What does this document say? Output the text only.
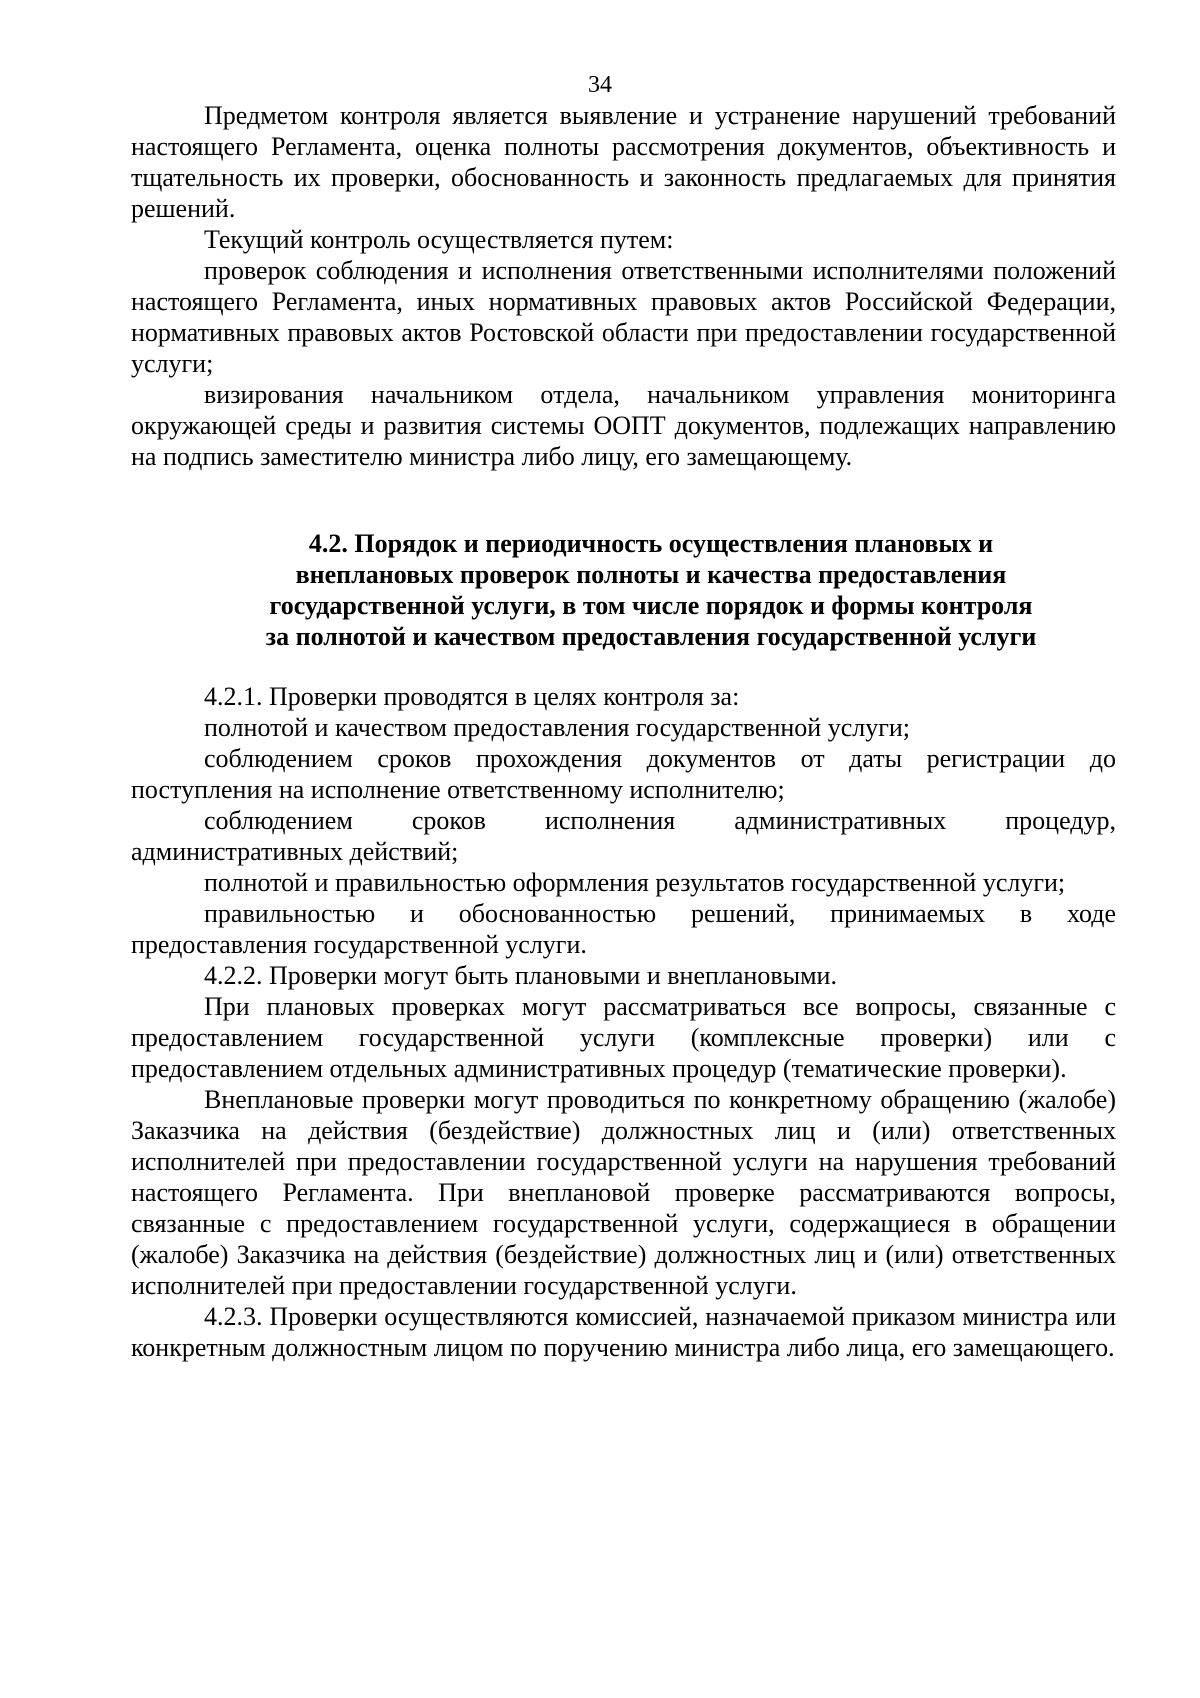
34

Предметом контроля является выявление и устранение нарушений требований настоящего Регламента, оценка полноты рассмотрения документов, объективность и тщательность их проверки, обоснованность и законность предлагаемых для принятия решений.

Текущий контроль осуществляется путем:

проверок соблюдения и исполнения ответственными исполнителями положений настоящего Регламента, иных нормативных правовых актов Российской Федерации, нормативных правовых актов Ростовской области при предоставлении государственной услуги;

визирования начальником отдела, начальником управления мониторинга окружающей среды и развития системы ООПТ документов, подлежащих направлению на подпись заместителю министра либо лицу, его замещающему.

4.2. Порядок и периодичность осуществления плановых и
внеплановых проверок полноты и качества предоставления
государственной услуги, в том числе порядок и формы контроля
за полнотой и качеством предоставления государственной услуги

4.2.1. Проверки проводятся в целях контроля за:

полнотой и качеством предоставления государственной услуги;

соблюдением сроков прохождения документов от даты регистрации до поступления на исполнение ответственному исполнителю;

соблюдением сроков исполнения административных процедур, административных действий;

полнотой и правильностью оформления результатов государственной услуги;

правильностью и обоснованностью решений, принимаемых в ходе предоставления государственной услуги.

4.2.2. Проверки могут быть плановыми и внеплановыми.

При плановых проверках могут рассматриваться все вопросы, связанные с предоставлением государственной услуги (комплексные проверки) или с предоставлением отдельных административных процедур (тематические проверки).

Внеплановые проверки могут проводиться по конкретному обращению (жалобе) Заказчика на действия (бездействие) должностных лиц и (или) ответственных исполнителей при предоставлении государственной услуги на нарушения требований настоящего Регламента. При внеплановой проверке рассматриваются вопросы, связанные с предоставлением государственной услуги, содержащиеся в обращении (жалобе) Заказчика на действия (бездействие) должностных лиц и (или) ответственных исполнителей при предоставлении государственной услуги.

4.2.3. Проверки осуществляются комиссией, назначаемой приказом министра или конкретным должностным лицом по поручению министра либо лица, его замещающего.
